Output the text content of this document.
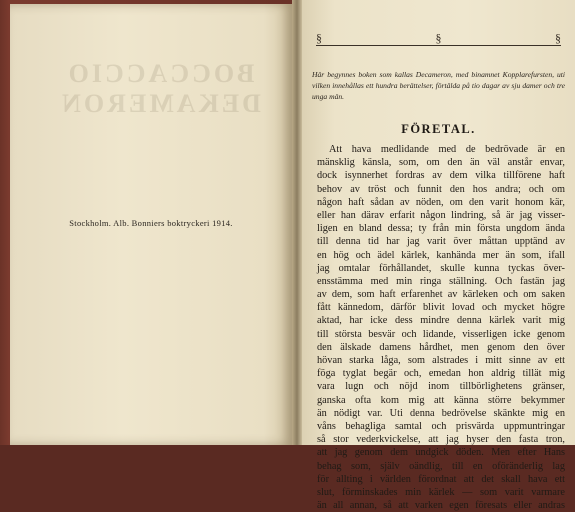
BOCCACCIO
DEKAMERON
Stockholm. Alb. Bonniers boktryckeri 1914.
§	§	§

Här begynnes boken som kallas Decameron, med binamnet Kopplarefursten, uti vilken innehållas ett hundra berättelser, förtälda på tio dagar av sju damer och tre unga män.

FÖRETAL.
Att hava medlidande med de bedrövade är en
mänsklig känsla, som, om den än väl anstår envar,
dock isynnerhet fordras av dem vilka tillförene haft
behov av tröst och funnit den hos andra; och om
någon haft sådan av nöden, om den varit honom kär,
eller han därav erfarit någon lindring, så är jag visser-
ligen en bland dessa; ty från min första ungdom ända
till denna tid har jag varit över måttan upptänd av
en hög och ädel kärlek, kanhända mer än som, ifall
jag omtalar förhållandet, skulle kunna tyckas över-
ensstämma med min ringa ställning. Och fastän jag
av dem, som haft erfarenhet av kärleken och om saken
fått kännedom, därför blivit lovad och mycket högre
aktad, har icke dess mindre denna kärlek varit mig
till största besvär och lidande, visserligen icke genom
den älskade damens hårdhet, men genom den över
hövan starka låga, som alstrades i mitt sinne av ett
föga tyglat begär och, emedan hon aldrig tillät mig
vara lugn och nöjd inom tillbörlighetens gränser,
ganska ofta kom mig att känna större bekymmer
än nödigt var. Uti denna bedrövelse skänkte mig en
våns behagliga samtal och prisvärda uppmuntringar
så stor vederkvickelse, att jag hyser den fasta tron,
att jag genom dem undgick döden. Men efter Hans
behag som, själv oändlig, till en oföränderlig lag
för allting i världen förordnat att det skall hava ett
slut, förminskades min kärlek — som varit varmare
än all annan, så att varken egen föresats eller andras
